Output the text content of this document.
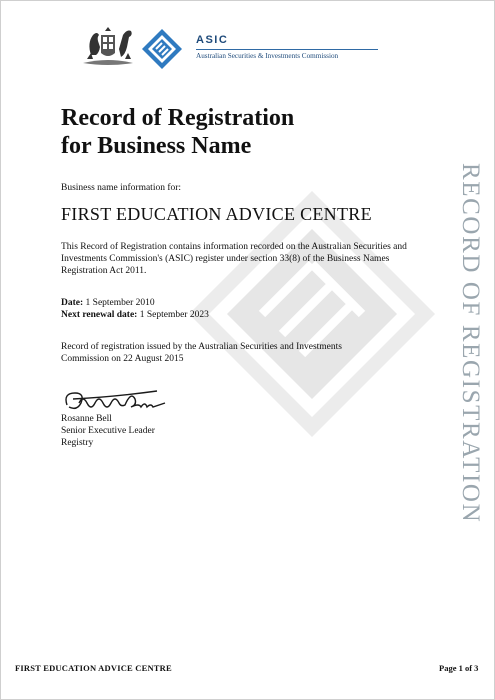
ASIC
Australian Securities & Investments Commission
Record of Registration
for Business Name
Business name information for:
FIRST EDUCATION ADVICE CENTRE
This Record of Registration contains information recorded on the Australian Securities and Investments Commission's (ASIC) register under section 33(8) of the Business Names Registration Act 2011.
Date: 1 September 2010
Next renewal date: 1 September 2023
Record of registration issued by the Australian Securities and Investments Commission on 22 August 2015
Rosanne Bell
Senior Executive Leader
Registry	RECORD OF REGISTRATION
FIRST EDUCATION ADVICE CENTRE	Page 1 of 3
